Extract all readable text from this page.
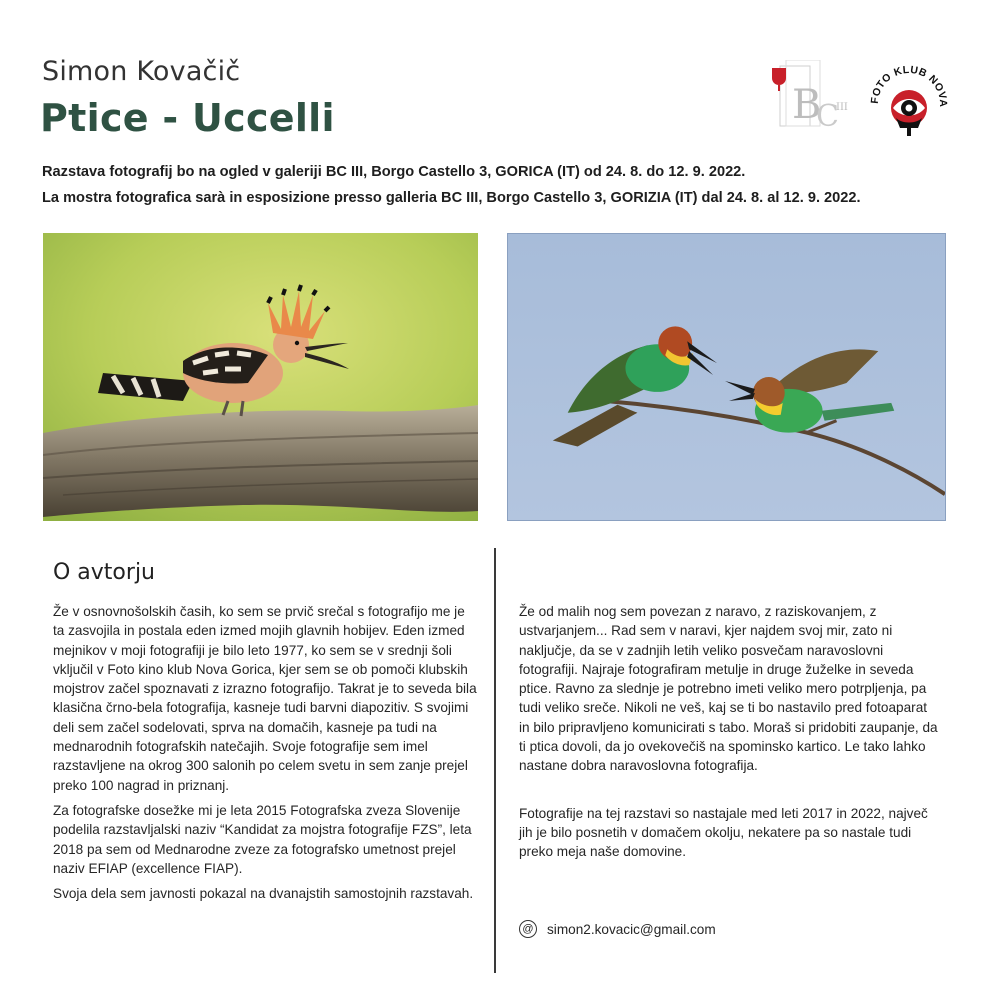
Simon Kovačič
Ptice - Uccelli
Razstava fotografij bo na ogled v galeriji BC III, Borgo Castello 3, GORICA (IT) od 24. 8. do 12. 9. 2022.
La mostra fotografica sarà in esposizione presso galleria BC III, Borgo Castello 3, GORIZIA (IT) dal 24. 8. al 12. 9. 2022.
B
C
III
FOTO KLUB NOVA
O avtorju

Že v osnovnošolskih časih, ko sem se prvič srečal s fotografijo me je ta zasvojila in postala eden izmed mojih glavnih hobijev. Eden izmed mejnikov v moji fotografiji je bilo leto 1977, ko sem se v srednji šoli vključil v Foto kino klub Nova Gorica, kjer sem se ob pomoči klubskih mojstrov začel spoznavati z izrazno fotografijo. Takrat je to seveda bila klasična črno-bela fotografija, kasneje tudi barvni diapozitiv. S svojimi deli sem začel sodelovati, sprva na domačih, kasneje pa tudi na mednarodnih fotografskih natečajih. Svoje fotografije sem imel razstavljene na okrog 300 salonih po celem svetu in sem zanje prejel preko 100 nagrad in priznanj.

Za fotografske dosežke mi je leta 2015 Fotografska zveza Slovenije podelila razstavljalski naziv “Kandidat za mojstra fotografije FZS”, leta 2018 pa sem od Mednarodne zveze za fotografsko umetnost prejel naziv EFIAP (excellence FIAP).

Svoja dela sem javnosti pokazal na dvanajstih samostojnih razstavah.

Že od malih nog sem povezan z naravo, z raziskovanjem, z ustvarjanjem... Rad sem v naravi, kjer najdem svoj mir, zato ni naključje, da se v zadnjih letih veliko posvečam naravoslovni fotografiji. Najraje fotografiram metulje in druge žuželke in seveda ptice. Ravno za slednje je potrebno imeti veliko mero potrpljenja, pa tudi veliko sreče. Nikoli ne veš, kaj se ti bo nastavilo pred fotoaparat in bilo pripravljeno komunicirati s tabo. Moraš si pridobiti zaupanje, da ti ptica dovoli, da jo ovekovečiš na spominsko kartico. Le tako lahko nastane dobra naravoslovna fotografija.

Fotografije na tej razstavi so nastajale med leti 2017 in 2022, največ jih je bilo posnetih v domačem okolju, nekatere pa so nastale tudi preko meja naše domovine.

@ simon2.kovacic@gmail.com
